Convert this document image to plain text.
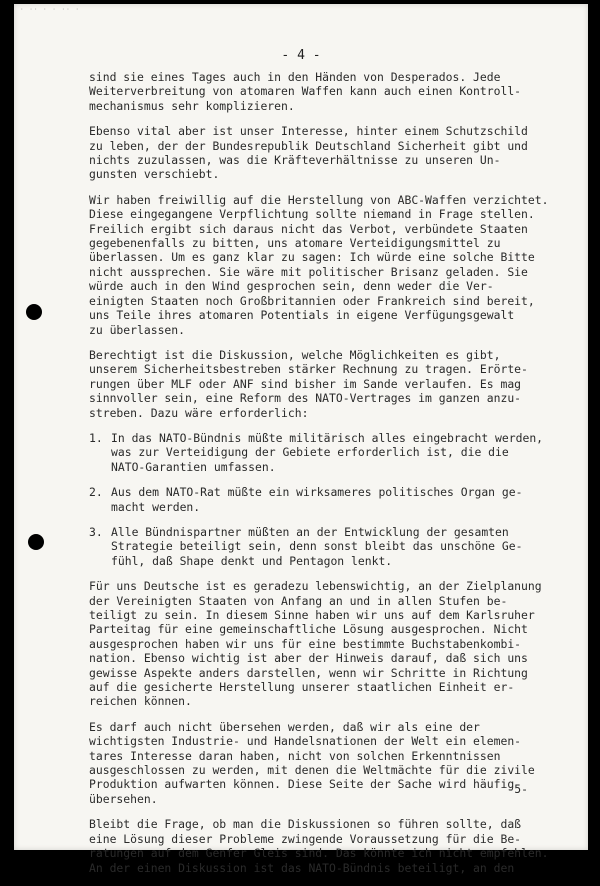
· ·· · · ·· ·
- 4 -
sind sie eines Tages auch in den Händen von Desperados. Jede
Weiterverbreitung von atomaren Waffen kann auch einen Kontroll-
mechanismus sehr komplizieren.
Ebenso vital aber ist unser Interesse, hinter einem Schutzschild
zu leben, der der Bundesrepublik Deutschland Sicherheit gibt und
nichts zuzulassen, was die Kräfteverhältnisse zu unseren Un-
gunsten verschiebt.
Wir haben freiwillig auf die Herstellung von ABC-Waffen verzichtet.
Diese eingegangene Verpflichtung sollte niemand in Frage stellen.
Freilich ergibt sich daraus nicht das Verbot, verbündete Staaten
gegebenenfalls zu bitten, uns atomare Verteidigungsmittel zu
überlassen. Um es ganz klar zu sagen: Ich würde eine solche Bitte
nicht aussprechen. Sie wäre mit politischer Brisanz geladen. Sie
würde auch in den Wind gesprochen sein, denn weder die Ver-
einigten Staaten noch Großbritannien oder Frankreich sind bereit,
uns Teile ihres atomaren Potentials in eigene Verfügungsgewalt
zu überlassen.
Berechtigt ist die Diskussion, welche Möglichkeiten es gibt,
unserem Sicherheitsbestreben stärker Rechnung zu tragen. Erörte-
rungen über MLF oder ANF sind bisher im Sande verlaufen. Es mag
sinnvoller sein, eine Reform des NATO-Vertrages im ganzen anzu-
streben. Dazu wäre erforderlich:
1. In das NATO-Bündnis müßte militärisch alles eingebracht werden,
was zur Verteidigung der Gebiete erforderlich ist, die die
NATO-Garantien umfassen.
2. Aus dem NATO-Rat müßte ein wirksameres politisches Organ ge-
macht werden.
3. Alle Bündnispartner müßten an der Entwicklung der gesamten
Strategie beteiligt sein, denn sonst bleibt das unschöne Ge-
fühl, daß Shape denkt und Pentagon lenkt.
Für uns Deutsche ist es geradezu lebenswichtig, an der Zielplanung
der Vereinigten Staaten von Anfang an und in allen Stufen be-
teiligt zu sein. In diesem Sinne haben wir uns auf dem Karlsruher
Parteitag für eine gemeinschaftliche Lösung ausgesprochen. Nicht
ausgesprochen haben wir uns für eine bestimmte Buchstabenkombi-
nation. Ebenso wichtig ist aber der Hinweis darauf, daß sich uns
gewisse Aspekte anders darstellen, wenn wir Schritte in Richtung
auf die gesicherte Herstellung unserer staatlichen Einheit er-
reichen können.
Es darf auch nicht übersehen werden, daß wir als eine der
wichtigsten Industrie- und Handelsnationen der Welt ein elemen-
tares Interesse daran haben, nicht von solchen Erkenntnissen
ausgeschlossen zu werden, mit denen die Weltmächte für die zivile
Produktion aufwarten können. Diese Seite der Sache wird häufig
übersehen.
Bleibt die Frage, ob man die Diskussionen so führen sollte, daß
eine Lösung dieser Probleme zwingende Voraussetzung für die Be-
ratungen auf dem Genfer Gleis sind. Das könnte ich nicht empfehlen.
An der einen Diskussion ist das NATO-Bündnis beteiligt, an den
-5-
